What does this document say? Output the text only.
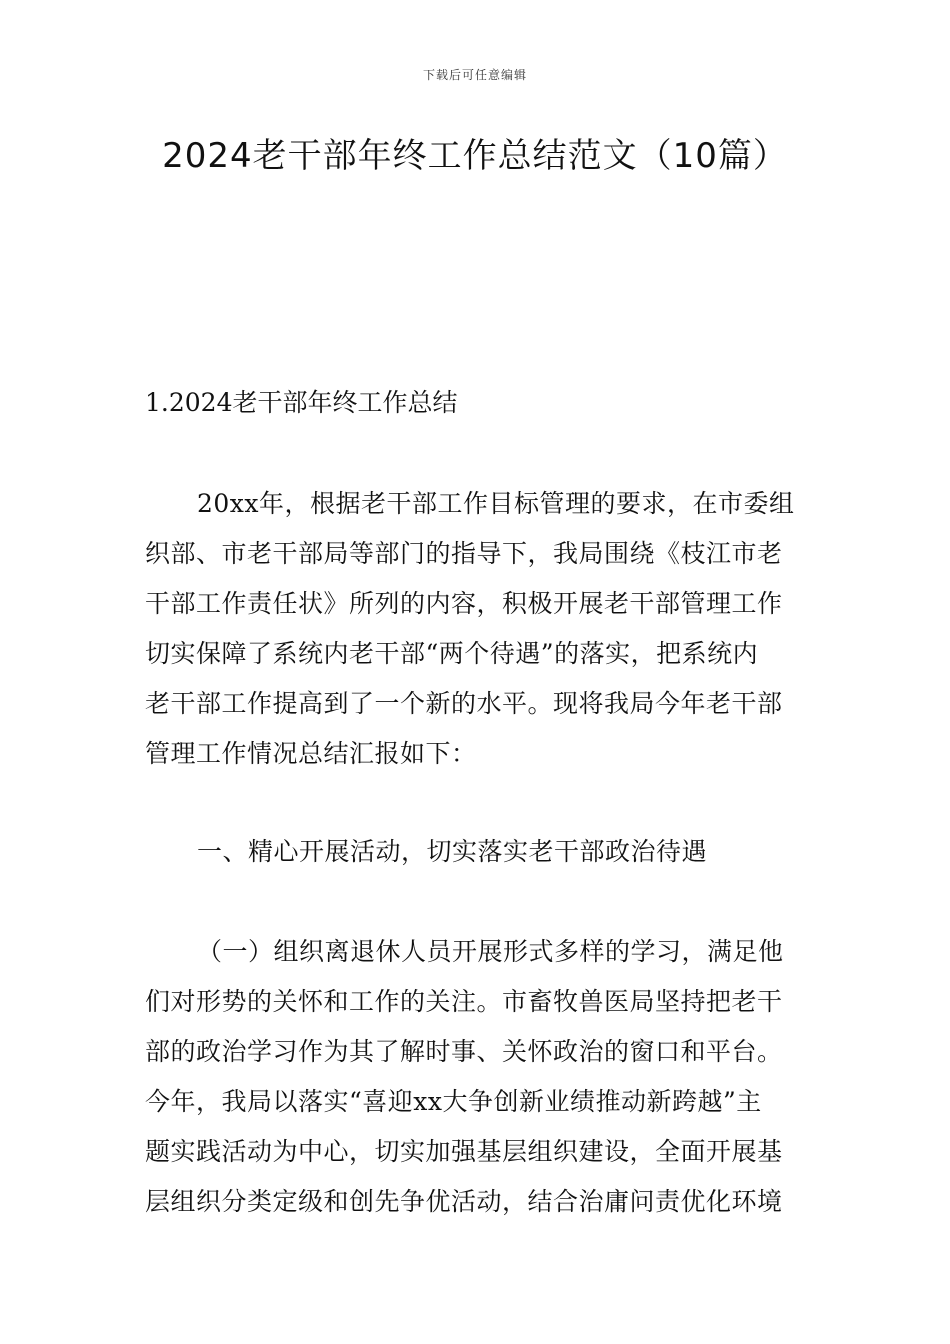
下载后可任意编辑
2024老干部年终工作总结范文（10篇）
1.2024老干部年终工作总结
20xx年，根据老干部工作目标管理的要求，在市委组
织部、市老干部局等部门的指导下，我局围绕《枝江市老
干部工作责任状》所列的内容，积极开展老干部管理工作
切实保障了系统内老干部“两个待遇”的落实，把系统内
老干部工作提高到了一个新的水平。现将我局今年老干部
管理工作情况总结汇报如下：
一、精心开展活动，切实落实老干部政治待遇
（一）组织离退休人员开展形式多样的学习，满足他
们对形势的关怀和工作的关注。市畜牧兽医局坚持把老干
部的政治学习作为其了解时事、关怀政治的窗口和平台。
今年，我局以落实“喜迎xx大争创新业绩推动新跨越”主
题实践活动为中心，切实加强基层组织建设，全面开展基
层组织分类定级和创先争优活动，结合治庸问责优化环境
